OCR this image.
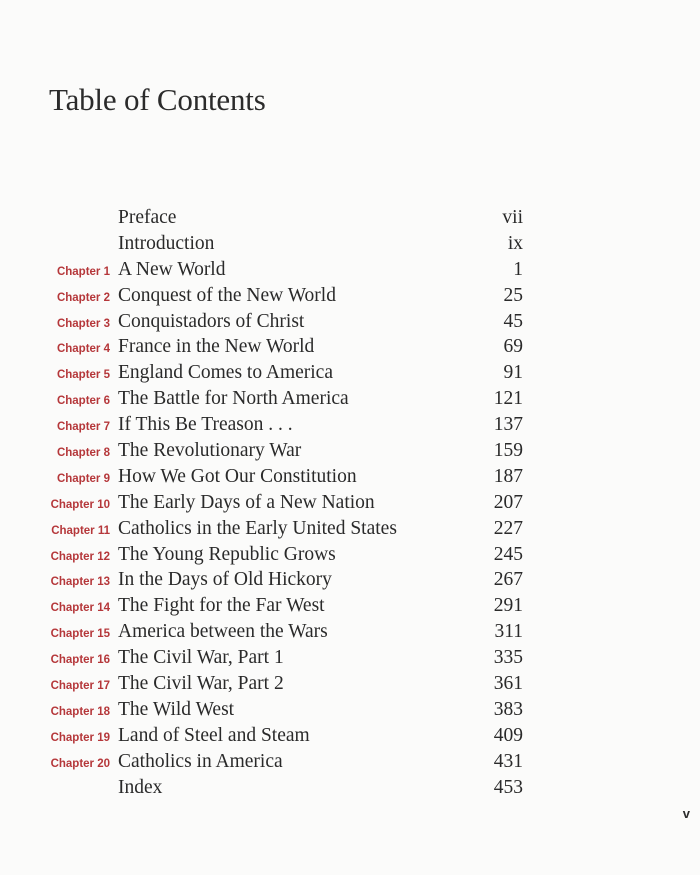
Table of Contents
Preface	vii
Introduction	ix
Chapter 1 A New World	1
Chapter 2 Conquest of the New World	25
Chapter 3 Conquistadors of Christ	45
Chapter 4 France in the New World	69
Chapter 5 England Comes to America	91
Chapter 6 The Battle for North America	121
Chapter 7 If This Be Treason . . .	137
Chapter 8 The Revolutionary War	159
Chapter 9 How We Got Our Constitution	187
Chapter 10 The Early Days of a New Nation	207
Chapter 11 Catholics in the Early United States	227
Chapter 12 The Young Republic Grows	245
Chapter 13 In the Days of Old Hickory	267
Chapter 14 The Fight for the Far West	291
Chapter 15 America between the Wars	311
Chapter 16 The Civil War, Part 1	335
Chapter 17 The Civil War, Part 2	361
Chapter 18 The Wild West	383
Chapter 19 Land of Steel and Steam	409
Chapter 20 Catholics in America	431
Index	453
v
